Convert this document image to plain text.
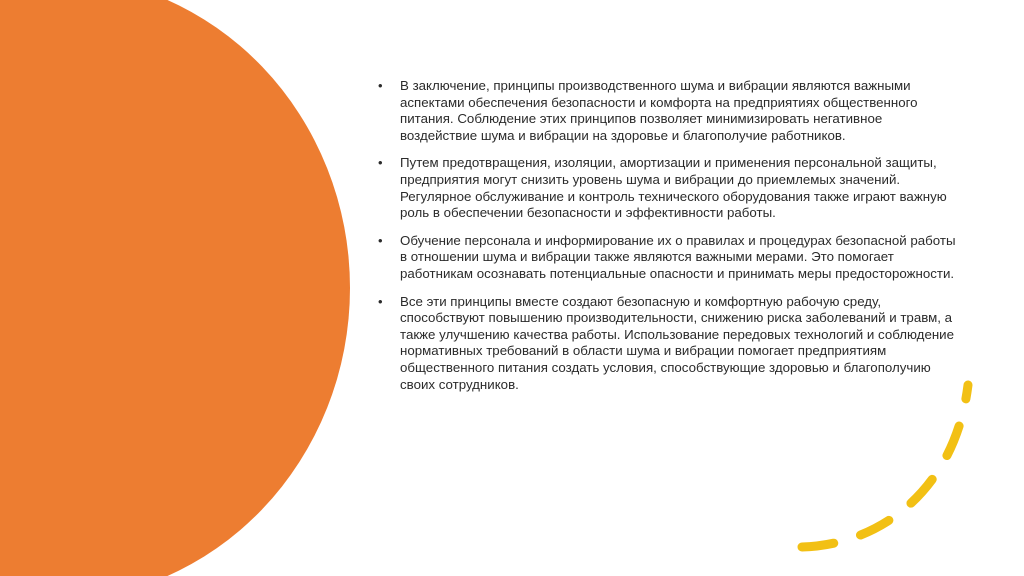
• В заключение, принципы производственного шума и вибрации являются важными аспектами обеспечения безопасности и комфорта на предприятиях общественного питания. Соблюдение этих принципов позволяет минимизировать негативное воздействие шума и вибрации на здоровье и благополучие работников.
• Путем предотвращения, изоляции, амортизации и применения персональной защиты, предприятия могут снизить уровень шума и вибрации до приемлемых значений. Регулярное обслуживание и контроль технического оборудования также играют важную роль в обеспечении безопасности и эффективности работы.
• Обучение персонала и информирование их о правилах и процедурах безопасной работы в отношении шума и вибрации также являются важными мерами. Это помогает работникам осознавать потенциальные опасности и принимать меры предосторожности.
• Все эти принципы вместе создают безопасную и комфортную рабочую среду, способствуют повышению производительности, снижению риска заболеваний и травм, а также улучшению качества работы. Использование передовых технологий и соблюдение нормативных требований в области шума и вибрации помогает предприятиям общественного питания создать условия, способствующие здоровью и благополучию своих сотрудников.
